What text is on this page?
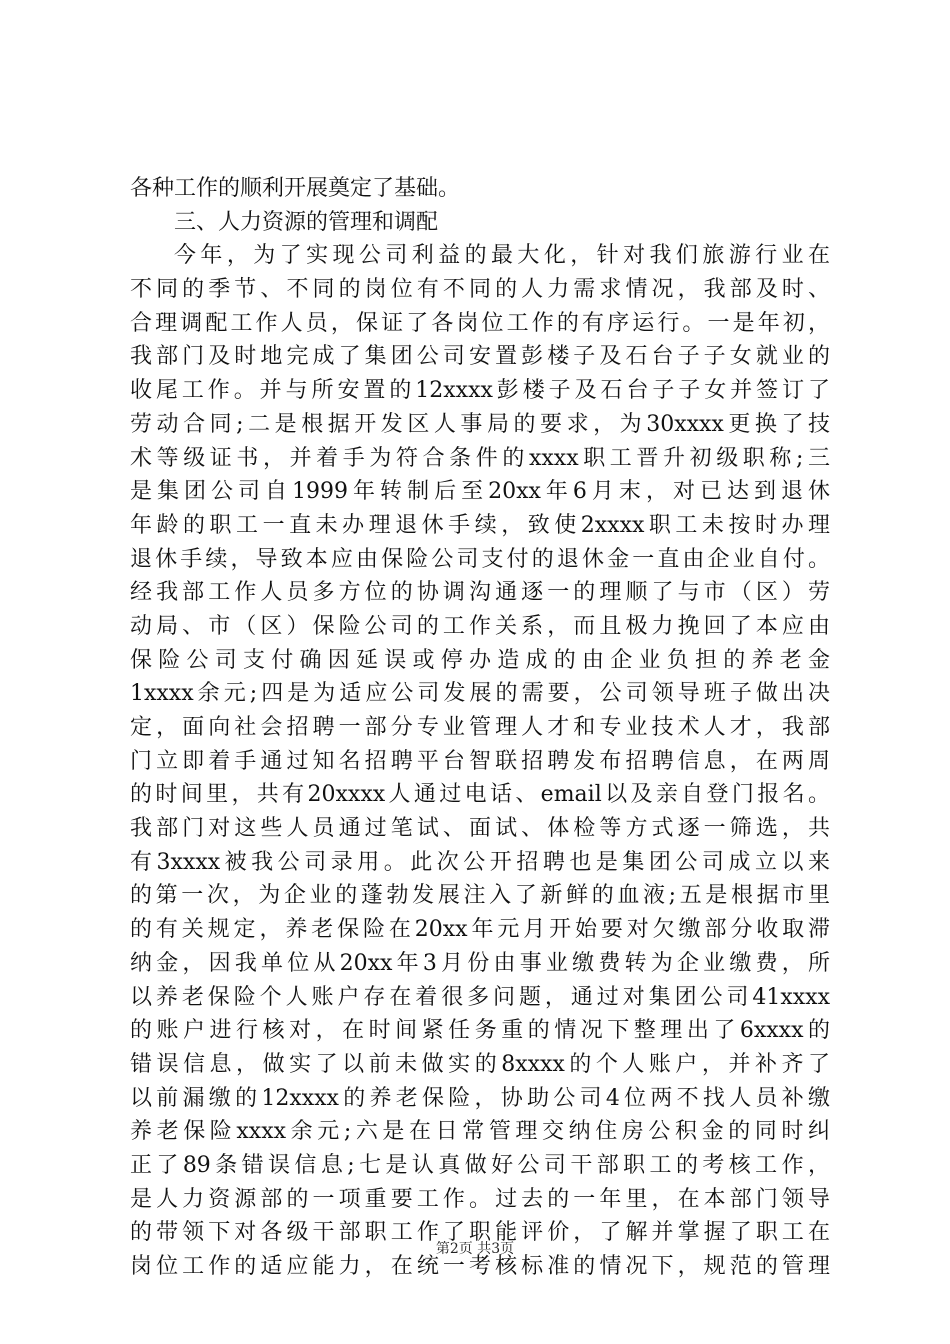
各种工作的顺利开展奠定了基础。
三、人力资源的管理和调配
今年，为了实现公司利益的最大化，针对我们旅游行业在
不同的季节、不同的岗位有不同的人力需求情况，我部及时、
合理调配工作人员，保证了各岗位工作的有序运行。一是年初，
我部门及时地完成了集团公司安置彭楼子及石台子子女就业的
收尾工作。并与所安置的12xxxx彭楼子及石台子子女并签订了
劳动合同;二是根据开发区人事局的要求，为30xxxx更换了技
术等级证书，并着手为符合条件的xxxx职工晋升初级职称;三
是集团公司自1999年转制后至20xx年6月末，对已达到退休
年龄的职工一直未办理退休手续，致使2xxxx职工未按时办理
退休手续，导致本应由保险公司支付的退休金一直由企业自付。
经我部工作人员多方位的协调沟通逐一的理顺了与市（区）劳
动局、市（区）保险公司的工作关系，而且极力挽回了本应由
保险公司支付确因延误或停办造成的由企业负担的养老金
1xxxx余元;四是为适应公司发展的需要，公司领导班子做出决
定，面向社会招聘一部分专业管理人才和专业技术人才，我部
门立即着手通过知名招聘平台智联招聘发布招聘信息，在两周
的时间里，共有20xxxx人通过电话、email以及亲自登门报名。
我部门对这些人员通过笔试、面试、体检等方式逐一筛选，共
有3xxxx被我公司录用。此次公开招聘也是集团公司成立以来
的第一次，为企业的蓬勃发展注入了新鲜的血液;五是根据市里
的有关规定，养老保险在20xx年元月开始要对欠缴部分收取滞
纳金，因我单位从20xx年3月份由事业缴费转为企业缴费，所
以养老保险个人账户存在着很多问题，通过对集团公司41xxxx
的账户进行核对，在时间紧任务重的情况下整理出了6xxxx的
错误信息，做实了以前未做实的8xxxx的个人账户，并补齐了
以前漏缴的12xxxx的养老保险，协助公司4位两不找人员补缴
养老保险xxxx余元;六是在日常管理交纳住房公积金的同时纠
正了89条错误信息;七是认真做好公司干部职工的考核工作，
是人力资源部的一项重要工作。过去的一年里，在本部门领导
的带领下对各级干部职工作了职能评价，了解并掌握了职工在
岗位工作的适应能力，在统一考核标准的情况下，规范的管理
第2页 共3页
